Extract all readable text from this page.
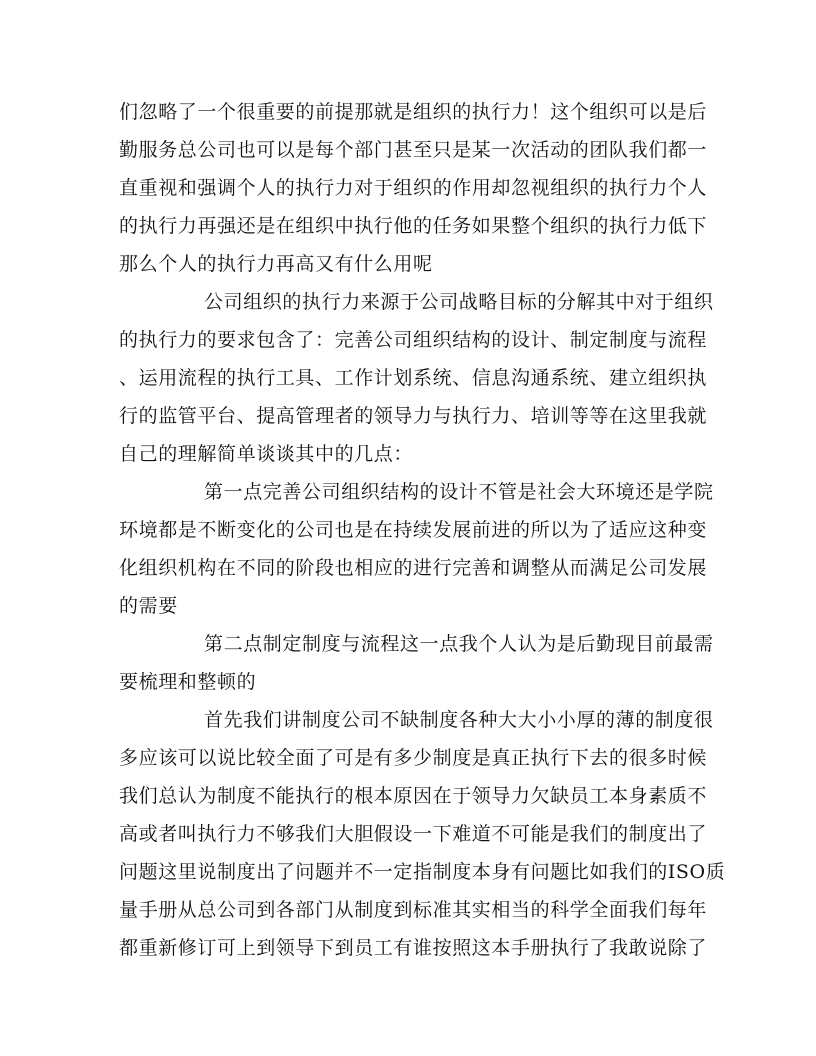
们忽略了一个很重要的前提那就是组织的执行力！这个组织可以是后
勤服务总公司也可以是每个部门甚至只是某一次活动的团队我们都一
直重视和强调个人的执行力对于组织的作用却忽视组织的执行力个人
的执行力再强还是在组织中执行他的任务如果整个组织的执行力低下
那么个人的执行力再高又有什么用呢
公司组织的执行力来源于公司战略目标的分解其中对于组织
的执行力的要求包含了：完善公司组织结构的设计、制定制度与流程
、运用流程的执行工具、工作计划系统、信息沟通系统、建立组织执
行的监管平台、提高管理者的领导力与执行力、培训等等在这里我就
自己的理解简单谈谈其中的几点：
第一点完善公司组织结构的设计不管是社会大环境还是学院
环境都是不断变化的公司也是在持续发展前进的所以为了适应这种变
化组织机构在不同的阶段也相应的进行完善和调整从而满足公司发展
的需要
第二点制定制度与流程这一点我个人认为是后勤现目前最需
要梳理和整顿的
首先我们讲制度公司不缺制度各种大大小小厚的薄的制度很
多应该可以说比较全面了可是有多少制度是真正执行下去的很多时候
我们总认为制度不能执行的根本原因在于领导力欠缺员工本身素质不
高或者叫执行力不够我们大胆假设一下难道不可能是我们的制度出了
问题这里说制度出了问题并不一定指制度本身有问题比如我们的ISO质
量手册从总公司到各部门从制度到标准其实相当的科学全面我们每年
都重新修订可上到领导下到员工有谁按照这本手册执行了我敢说除了
